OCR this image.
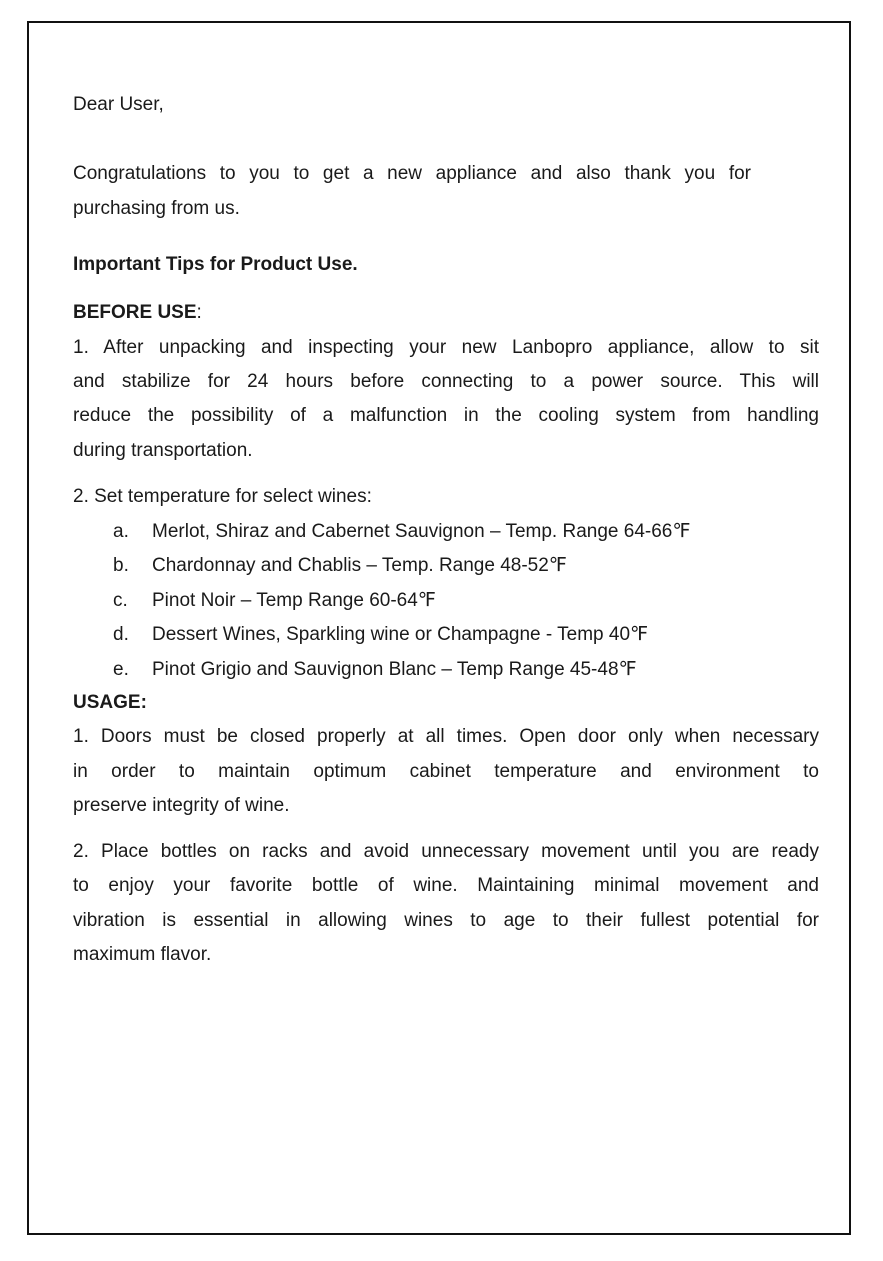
Dear User,
Congratulations to you to get a new appliance and also thank you for
purchasing from us.
Important Tips for Product Use.
BEFORE USE:
1. After unpacking and inspecting your new Lanbopro appliance, allow to sit
and stabilize for 24 hours before connecting to a power source. This will
reduce the possibility of a malfunction in the cooling system from handling
during transportation.
2. Set temperature for select wines:
a. Merlot, Shiraz and Cabernet Sauvignon – Temp. Range 64-66℉
b. Chardonnay and Chablis – Temp. Range 48-52℉
c. Pinot Noir – Temp Range 60-64℉
d. Dessert Wines, Sparkling wine or Champagne - Temp 40℉
e. Pinot Grigio and Sauvignon Blanc – Temp Range 45-48℉
USAGE:
1. Doors must be closed properly at all times. Open door only when necessary
in order to maintain optimum cabinet temperature and environment to
preserve integrity of wine.
2. Place bottles on racks and avoid unnecessary movement until you are ready
to enjoy your favorite bottle of wine. Maintaining minimal movement and
vibration is essential in allowing wines to age to their fullest potential for
maximum flavor.
